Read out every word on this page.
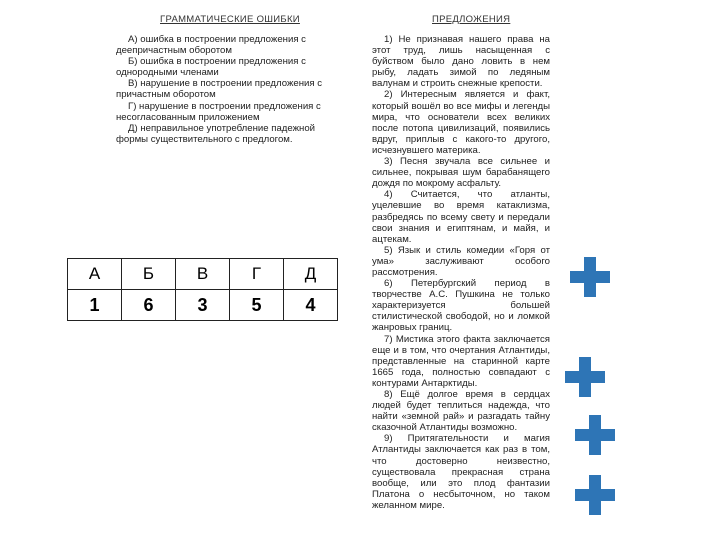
ГРАММАТИЧЕСКИЕ ОШИБКИ	ПРЕДЛОЖЕНИЯ

А) ошибка в построении предложения с деепричастным оборотом

Б) ошибка в построении предложения с однородными членами

В) нарушение в построении предложения с причастным оборотом

Г) нарушение в построении предложения с несогласованным приложением

Д) неправильное употребление падежной формы существительного с предлогом.

1) Не признавая нашего права на этот труд, лишь насыщенная с буйством было дано ловить в нем рыбу, ладать зимой по ледяным валунам и строить снежные крепости.

2) Интересным является и факт, который вошёл во все мифы и легенды мира, что основатели всех великих после потопа цивилизаций, появились вдруг, приплыв с какого-то другого, исчезнувшего материка.

3) Песня звучала все сильнее и сильнее, покрывая шум барабанящего дождя по мокрому асфальту.

4) Считается, что атланты, уцелевшие во время катаклизма, разбредясь по всему свету и передали свои знания и египтянам, и майя, и ацтекам.

5) Язык и стиль комедии «Горя от ума» заслуживают особого рассмотрения.

6) Петербургский период в творчестве А.С. Пушкина не только характеризуется большей стилистической свободой, но и ломкой жанровых границ.

7) Мистика этого факта заключается еще и в том, что очертания Атлантиды, представленные на старинной карте 1665 года, полностью совпадают с контурами Антарктиды.

8) Ещё долгое время в сердцах людей будет теплиться надежда, что найти «земной рай» и разгадать тайну сказочной Атлантиды возможно.

9) Притягательности и магия Атлантиды заключается как раз в том, что достоверно неизвестно, существовала прекрасная страна вообще, или это плод фантазии Платона о несбыточном, но таком желанном мире.

А	Б	В	Г	Д
1	6	3	5	4
